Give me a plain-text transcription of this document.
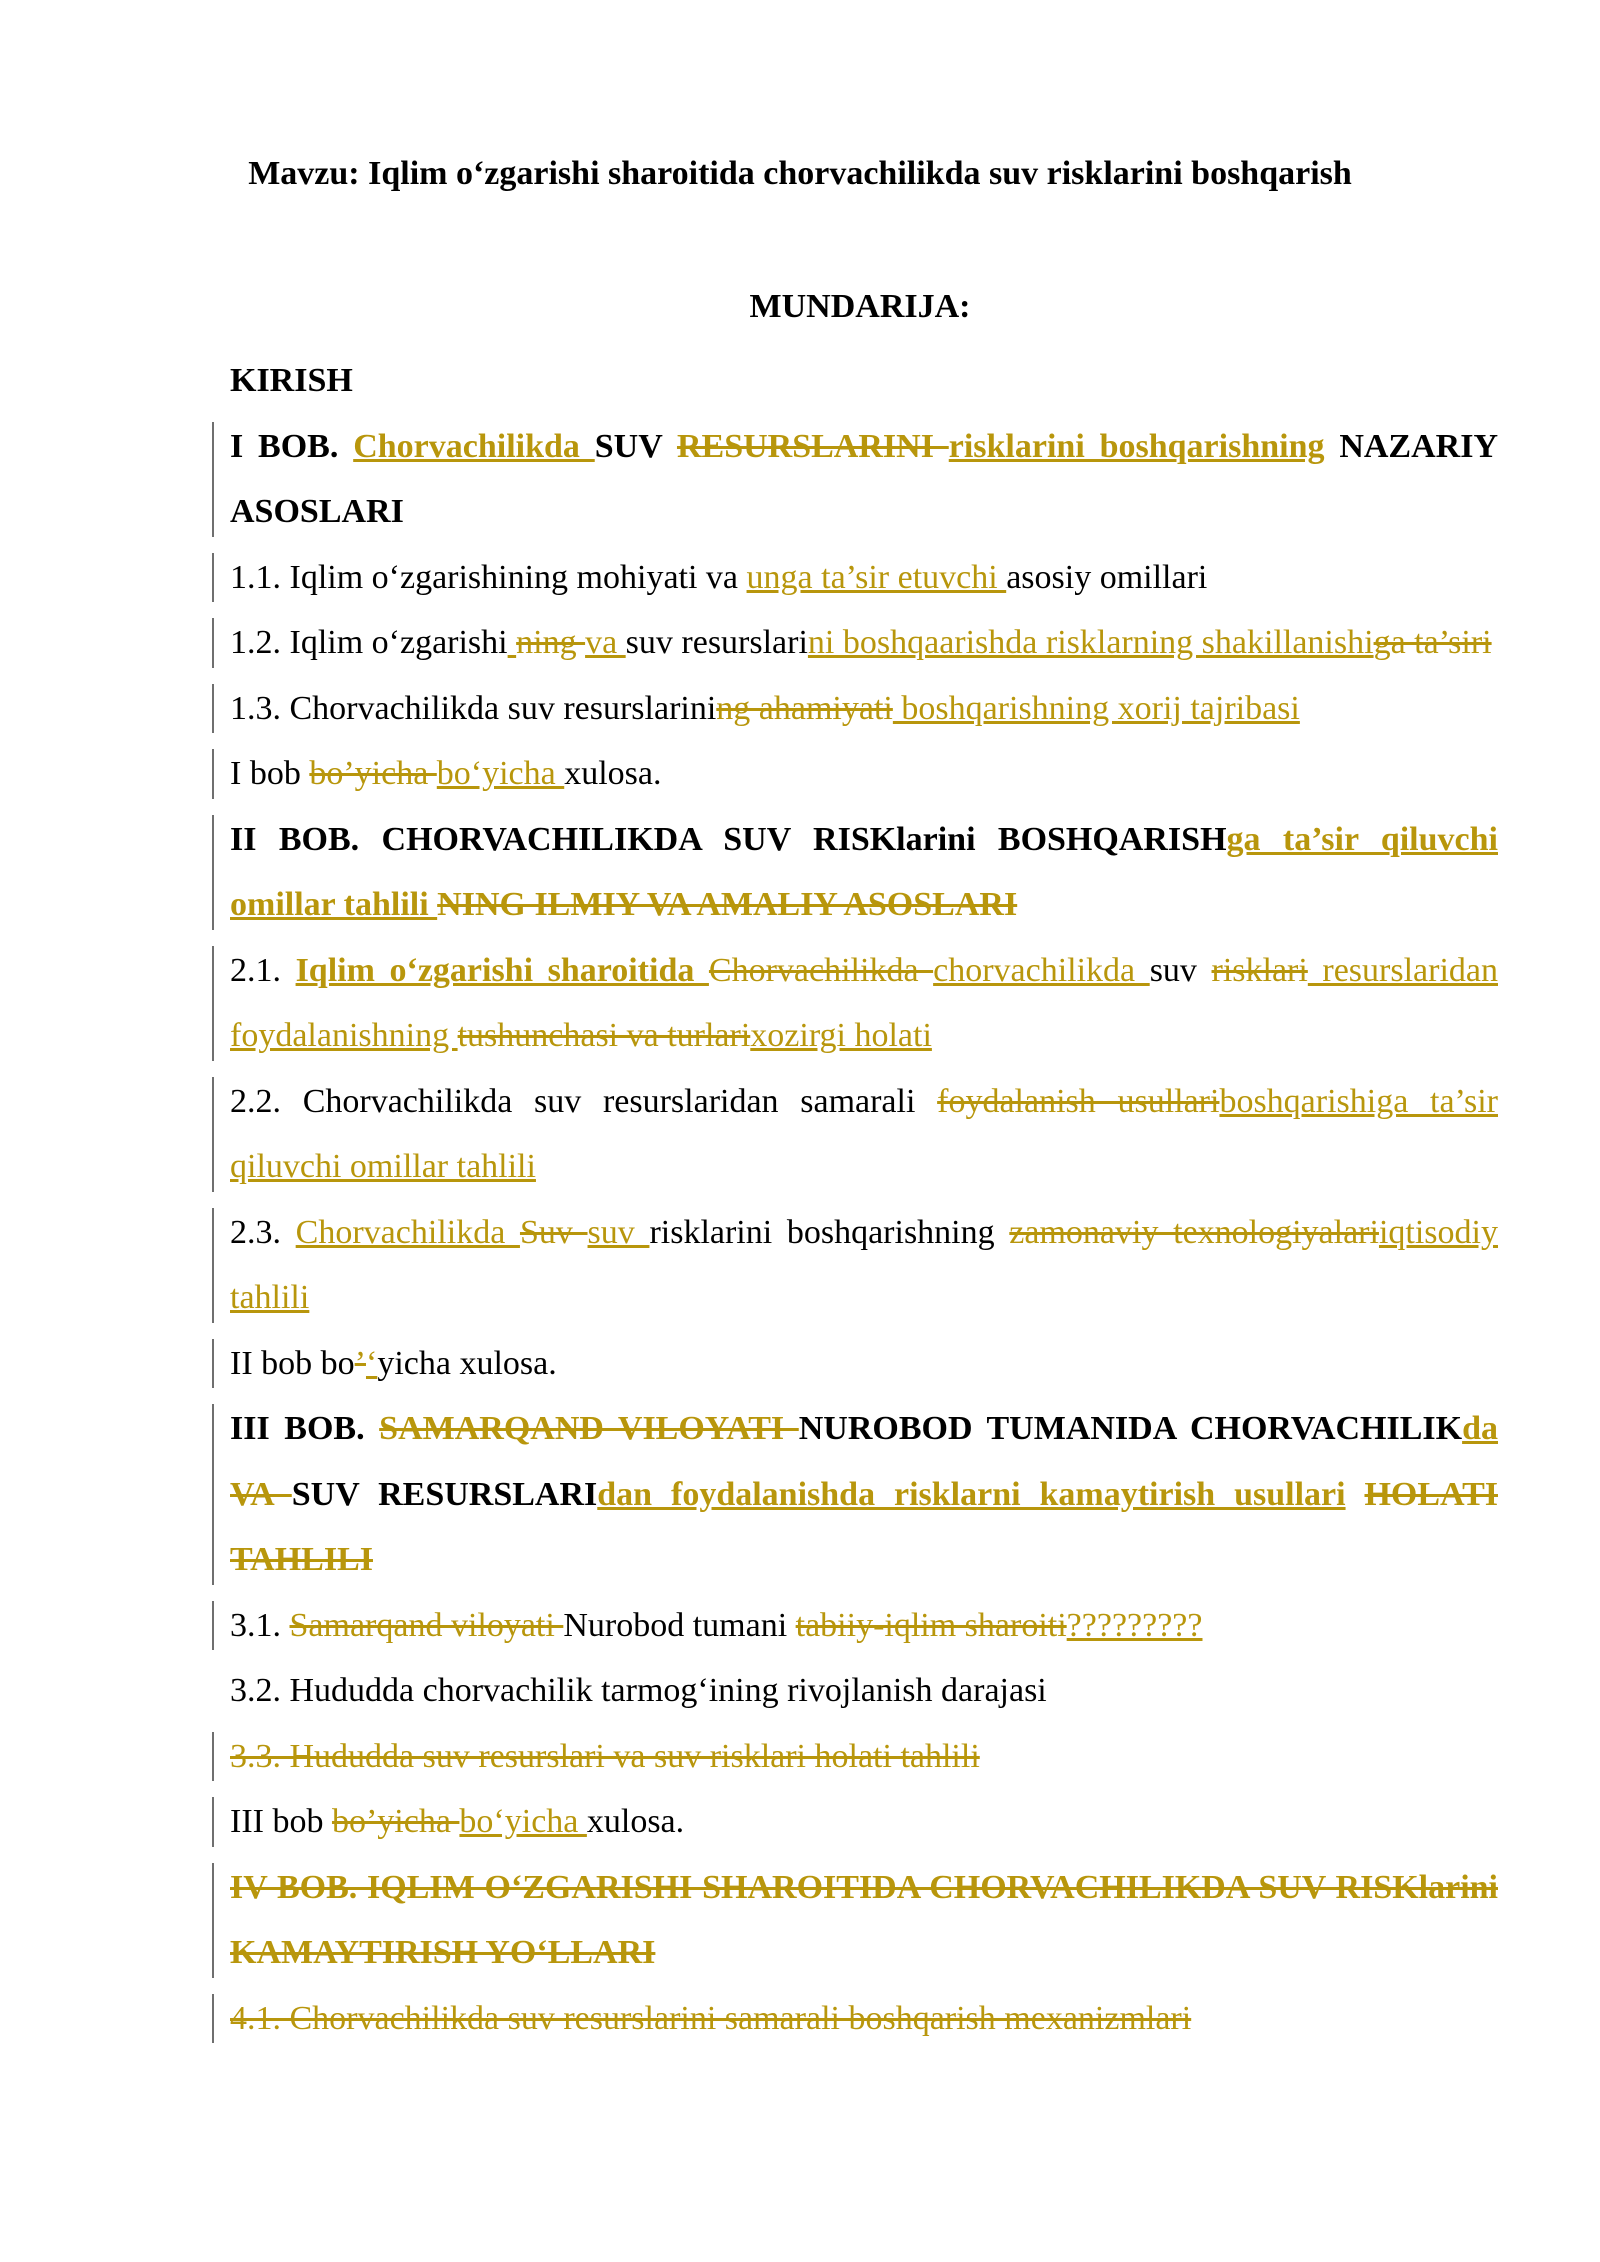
Mavzu: Iqlim o‘zgarishi sharoitida chorvachilikda suv risklarini boshqarish
MUNDARIJA:
KIRISH
I BOB. Chorvachilikda SUV RESURSLARINI risklarini boshqarishning NAZARIY ASOSLARI
1.1. Iqlim o‘zgarishining mohiyati va unga ta’sir etuvchi asosiy omillari
1.2. Iqlim o‘zgarishi ning va suv resurslarini boshqaarishda risklarning shakillanishiga ta’siri
1.3. Chorvachilikda suv resurslarining ahamiyati boshqarishning xorij tajribasi
I bob bo’yicha bo‘yicha xulosa.
II BOB. CHORVACHILIKDA SUV RISKlarini BOSHQARISHga ta’sir qiluvchi omillar tahlili NING ILMIY VA AMALIY ASOSLARI
2.1. Iqlim o‘zgarishi sharoitida Chorvachilikda chorvachilikda suv risklari resurslaridan foydalanishning tushunchasi va turlarixozirgi holati
2.2. Chorvachilikda suv resurslaridan samarali foydalanish usullariboshqarishiga ta’sir qiluvchi omillar tahlili
2.3. Chorvachilikda Suv suv risklarini boshqarishning zamonaviy texnologiyalariiqtisodiy tahlili
II bob bo’‘yicha xulosa.
III BOB. SAMARQAND VILOYATI NUROBOD TUMANIDA CHORVACHILIKda VA SUV RESURSLARIdan foydalanishda risklarni kamaytirish usullari HOLATI TAHLILI
3.1. Samarqand viloyati Nurobod tumani tabiiy-iqlim sharoiti?????????
3.2. Hududda chorvachilik tarmog‘ining rivojlanish darajasi
3.3. Hududda suv resurslari va suv risklari holati tahlili
III bob bo’yicha bo‘yicha xulosa.
IV BOB. IQLIM O‘ZGARISHI SHAROITIDA CHORVACHILIKDA SUV RISKlarini KAMAYTIRISH YO‘LLARI
4.1. Chorvachilikda suv resurslarini samarali boshqarish mexanizmlari
